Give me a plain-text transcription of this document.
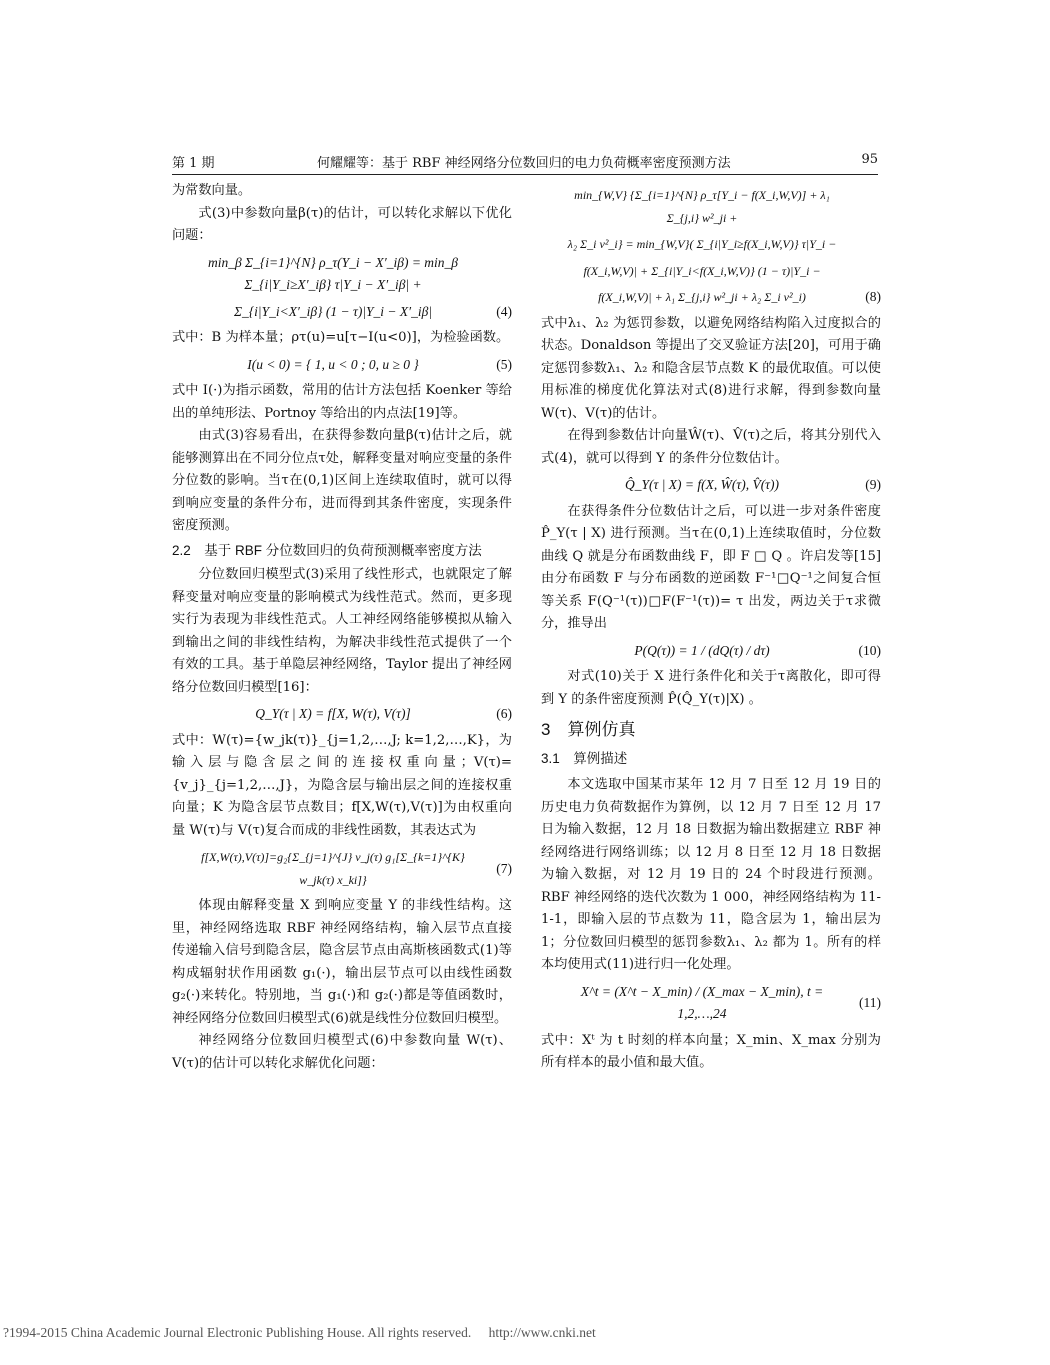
第 1 期	何耀耀等：基于 RBF 神经网络分位数回归的电力负荷概率密度预测方法	95

为常数向量。

式(3)中参数向量β(τ)的估计，可以转化求解以下优化问题：

min_β Σ_{i=1}^{N} ρ_τ(Y_i − X′_iβ) = min_β Σ_{i|Y_i≥X′_iβ} τ|Y_i − X′_iβ| +
Σ_{i|Y_i<X′_iβ} (1 − τ)|Y_i − X′_iβ|	(4)

式中：B 为样本量；ρτ(u)=u[τ−I(u<0)]，为检验函数。

I(u < 0) = { 1, u < 0 ; 0, u ≥ 0 }	(5)

式中 I(·)为指示函数，常用的估计方法包括 Koenker 等给出的单纯形法、Portnoy 等给出的内点法[19]等。

由式(3)容易看出，在获得参数向量β(τ)估计之后，就能够测算出在不同分位点τ处，解释变量对响应变量的条件分位数的影响。当τ在(0,1)区间上连续取值时，就可以得到响应变量的条件分布，进而得到其条件密度，实现条件密度预测。

2.2　基于 RBF 分位数回归的负荷预测概率密度方法

分位数回归模型式(3)采用了线性形式，也就限定了解释变量对响应变量的影响模式为线性范式。然而，更多现实行为表现为非线性范式。人工神经网络能够模拟从输入到输出之间的非线性结构，为解决非线性范式提供了一个有效的工具。基于单隐层神经网络，Taylor 提出了神经网络分位数回归模型[16]：

Q_Y(τ | X) = f[X, W(τ), V(τ)]	(6)

式中：W(τ)={w_jk(τ)}_{j=1,2,…,J; k=1,2,…,K}，为输入层与隐含层之间的连接权重向量；V(τ)={v_j}_{j=1,2,…,J}，为隐含层与输出层之间的连接权重向量；K 为隐含层节点数目；f[X,W(τ),V(τ)]为由权重向量 W(τ)与 V(τ)复合而成的非线性函数，其表达式为

f[X,W(τ),V(τ)]=g₂{Σ_{j=1}^{J} v_j(τ) g₁[Σ_{k=1}^{K} w_jk(τ) x_ki]}
(7)

体现由解释变量 X 到响应变量 Y 的非线性结构。这里，神经网络选取 RBF 神经网络结构，输入层节点直接传递输入信号到隐含层，隐含层节点由高斯核函数式(1)等构成辐射状作用函数 g₁(·)，输出层节点可以由线性函数 g₂(·)来转化。特别地，当 g₁(·)和 g₂(·)都是等值函数时，神经网络分位数回归模型式(6)就是线性分位数回归模型。

神经网络分位数回归模型式(6)中参数向量 W(τ)、V(τ)的估计可以转化求解优化问题：

min_{W,V} {Σ_{i=1}^{N} ρ_τ[Y_i − f(X_i,W,V)] + λ₁ Σ_{j,i} w²_ji +
λ₂ Σ_i v²_i} = min_{W,V}( Σ_{i|Y_i≥f(X_i,W,V)} τ|Y_i −
f(X_i,W,V)| + Σ_{i|Y_i<f(X_i,W,V)} (1 − τ)|Y_i −
f(X_i,W,V)| + λ₁ Σ_{j,i} w²_ji + λ₂ Σ_i v²_i)	(8)

式中λ₁、λ₂ 为惩罚参数，以避免网络结构陷入过度拟合的状态。Donaldson 等提出了交叉验证方法[20]，可用于确定惩罚参数λ₁、λ₂ 和隐含层节点数 K 的最优取值。可以使用标准的梯度优化算法对式(8)进行求解，得到参数向量 W(τ)、V(τ)的估计。

在得到参数估计向量Ŵ(τ)、V̂(τ)之后，将其分别代入式(4)，就可以得到 Y 的条件分位数估计。

Q̂_Y(τ | X) = f(X, Ŵ(τ), V̂(τ))	(9)

在获得条件分位数估计之后，可以进一步对条件密度 P̂_Y(τ | X) 进行预测。当τ在(0,1)上连续取值时，分位数曲线 Q 就是分布函数曲线 F，即 F □ Q 。许启发等[15]由分布函数 F 与分布函数的逆函数 F⁻¹□Q⁻¹之间复合恒等关系 F(Q⁻¹(τ))□F(F⁻¹(τ))= τ 出发，两边关于τ求微分，推导出

P(Q(τ)) = 1 / (dQ(τ) / dτ)	(10)

对式(10)关于 X 进行条件化和关于τ离散化，即可得到 Y 的条件密度预测 P̂(Q̂_Y(τ)|X) 。

3　算例仿真

3.1　算例描述

本文选取中国某市某年 12 月 7 日至 12 月 19 日的历史电力负荷数据作为算例，以 12 月 7 日至 12 月 17 日为输入数据，12 月 18 日数据为输出数据建立 RBF 神经网络进行网络训练；以 12 月 8 日至 12 月 18 日数据为输入数据，对 12 月 19 日的 24 个时段进行预测。RBF 神经网络的迭代次数为 1 000，神经网络结构为 11-1-1，即输入层的节点数为 11，隐含层为 1，输出层为 1；分位数回归模型的惩罚参数λ₁、λ₂ 都为 1。所有的样本均使用式(11)进行归一化处理。

X^t = (X^t − X_min) / (X_max − X_min), t = 1,2,…,24
(11)

式中：Xᵗ 为 t 时刻的样本向量；X_min、X_max 分别为所有样本的最小值和最大值。

?1994-2015 China Academic Journal Electronic Publishing House. All rights reserved. http://www.cnki.net
